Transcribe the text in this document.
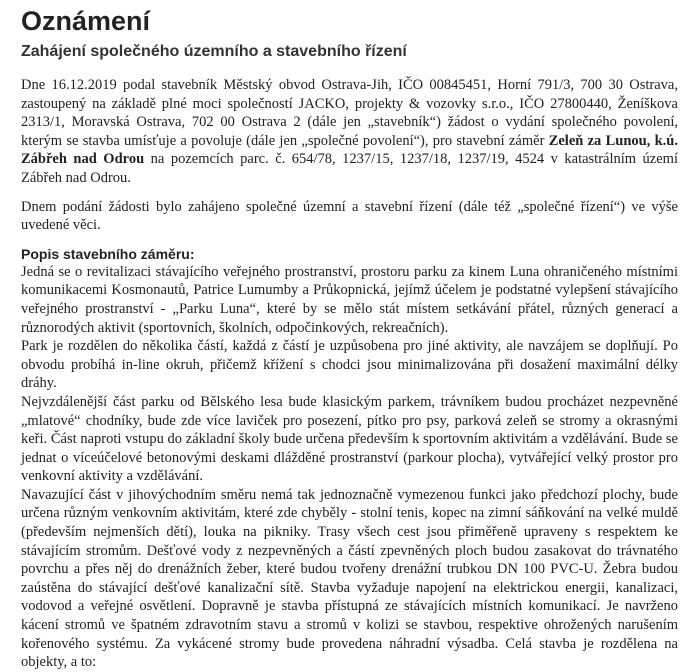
Oznámení
Zahájení společného územního a stavebního řízení

Dne 16.12.2019 podal stavebník Městský obvod Ostrava-Jih, IČO 00845451, Horní 791/3, 700 30 Ostrava, zastoupený na základě plné moci společností JACKO, projekty & vozovky s.r.o., IČO 27800440, Ženíškova 2313/1, Moravská Ostrava, 702 00 Ostrava 2 (dále jen „stavebník“) žádost o vydání společného povolení, kterým se stavba umísťuje a povoluje (dále jen „společné povolení“), pro stavební záměr Zeleň za Lunou, k.ú. Zábřeh nad Odrou na pozemcích parc. č. 654/78, 1237/15, 1237/18, 1237/19, 4524 v katastrálním území Zábřeh nad Odrou.

Dnem podání žádosti bylo zahájeno společné územní a stavební řízení (dále též „společné řízení“) ve výše uvedené věci.

Popis stavebního záměru:

Jedná se o revitalizaci stávajícího veřejného prostranství, prostoru parku za kinem Luna ohraničeného místními komunikacemi Kosmonautů, Patrice Lumumby a Průkopnická, jejímž účelem je podstatné vylepšení stávajícího veřejného prostranství - „Parku Luna“, které by se mělo stát místem setkávání přátel, různých generací a různorodých aktivit (sportovních, školních, odpočinkových, rekreačních).

Park je rozdělen do několika částí, každá z částí je uzpůsobena pro jiné aktivity, ale navzájem se doplňují. Po obvodu probíhá in-line okruh, přičemž křížení s chodci jsou minimalizována při dosažení maximální délky dráhy.

Nejvzdálenější část parku od Bělského lesa bude klasickým parkem, trávníkem budou procházet nezpevněné „mlatové“ chodníky, bude zde více laviček pro posezení, pítko pro psy, parková zeleň se stromy a okrasnými keři. Část naproti vstupu do základní školy bude určena především k sportovním aktivitám a vzdělávání. Bude se jednat o víceúčelové betonovými deskami dlážděné prostranství (parkour plocha), vytvářející velký prostor pro venkovní aktivity a vzdělávání.

Navazující část v jihovýchodním směru nemá tak jednoznačně vymezenou funkci jako předchozí plochy, bude určena různým venkovním aktivitám, které zde chyběly - stolní tenis, kopec na zimní sáňkování na velké muldě (především nejmenších dětí), louka na pikniky. Trasy všech cest jsou přiměřeně upraveny s respektem ke stávajícím stromům. Dešťové vody z nezpevněných a částí zpevněných ploch budou zasakovat do trávnatého povrchu a přes něj do drenážních žeber, které budou tvořeny drenážní trubkou DN 100 PVC-U. Žebra budou zaústěna do stávající dešťové kanalizační sítě. Stavba vyžaduje napojení na elektrickou energii, kanalizaci, vodovod a veřejné osvětlení. Dopravně je stavba přístupná ze stávajících místních komunikací. Je navrženo kácení stromů ve špatném zdravotním stavu a stromů v kolizi se stavbou, respektive ohrožených narušením kořenového systému. Za vykácené stromy bude provedena náhradní výsadba. Celá stavba je rozdělena na objekty, a to:
